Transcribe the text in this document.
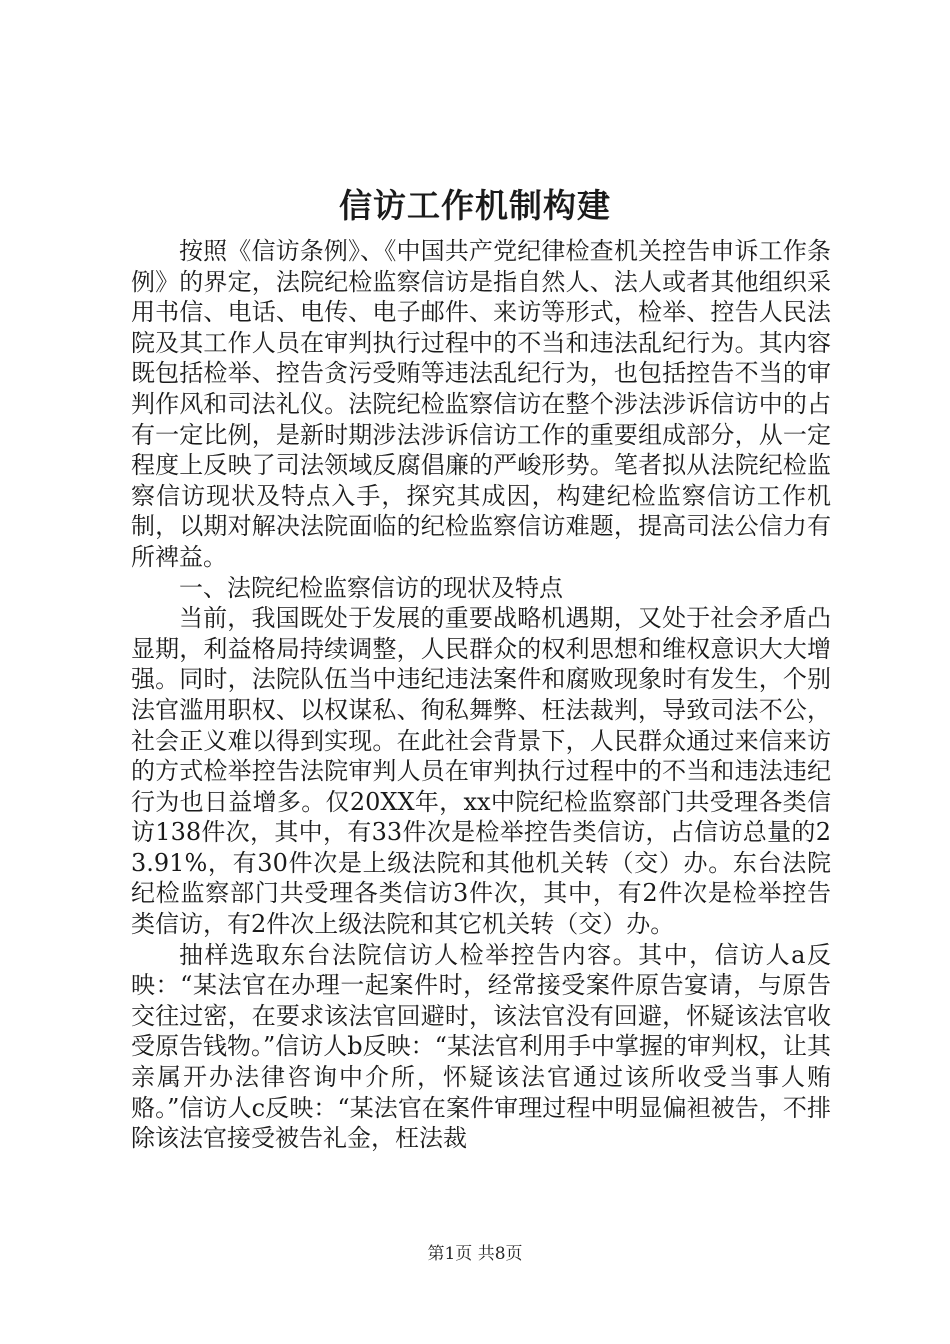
信访工作机制构建

按照《信访条例》、《中国共产党纪律检查机关控告申诉工作条例》的界定，法院纪检监察信访是指自然人、法人或者其他组织采用书信、电话、电传、电子邮件、来访等形式，检举、控告人民法院及其工作人员在审判执行过程中的不当和违法乱纪行为。其内容既包括检举、控告贪污受贿等违法乱纪行为，也包括控告不当的审判作风和司法礼仪。法院纪检监察信访在整个涉法涉诉信访中的占有一定比例，是新时期涉法涉诉信访工作的重要组成部分，从一定程度上反映了司法领域反腐倡廉的严峻形势。笔者拟从法院纪检监察信访现状及特点入手，探究其成因，构建纪检监察信访工作机制，以期对解决法院面临的纪检监察信访难题，提高司法公信力有所裨益。

一、法院纪检监察信访的现状及特点

当前，我国既处于发展的重要战略机遇期，又处于社会矛盾凸显期，利益格局持续调整，人民群众的权利思想和维权意识大大增强。同时，法院队伍当中违纪违法案件和腐败现象时有发生，个别法官滥用职权、以权谋私、徇私舞弊、枉法裁判，导致司法不公，社会正义难以得到实现。在此社会背景下，人民群众通过来信来访的方式检举控告法院审判人员在审判执行过程中的不当和违法违纪行为也日益增多。仅20XX年，xx中院纪检监察部门共受理各类信访138件次，其中，有33件次是检举控告类信访，占信访总量的23.91%，有30件次是上级法院和其他机关转（交）办。东台法院纪检监察部门共受理各类信访3件次，其中，有2件次是检举控告类信访，有2件次上级法院和其它机关转（交）办。

抽样选取东台法院信访人检举控告内容。其中，信访人a反映：“某法官在办理一起案件时，经常接受案件原告宴请，与原告交往过密，在要求该法官回避时，该法官没有回避，怀疑该法官收受原告钱物。”信访人b反映：“某法官利用手中掌握的审判权，让其亲属开办法律咨询中介所，怀疑该法官通过该所收受当事人贿赂。”信访人c反映：“某法官在案件审理过程中明显偏袒被告，不排除该法官接受被告礼金，枉法裁

第1页 共8页
